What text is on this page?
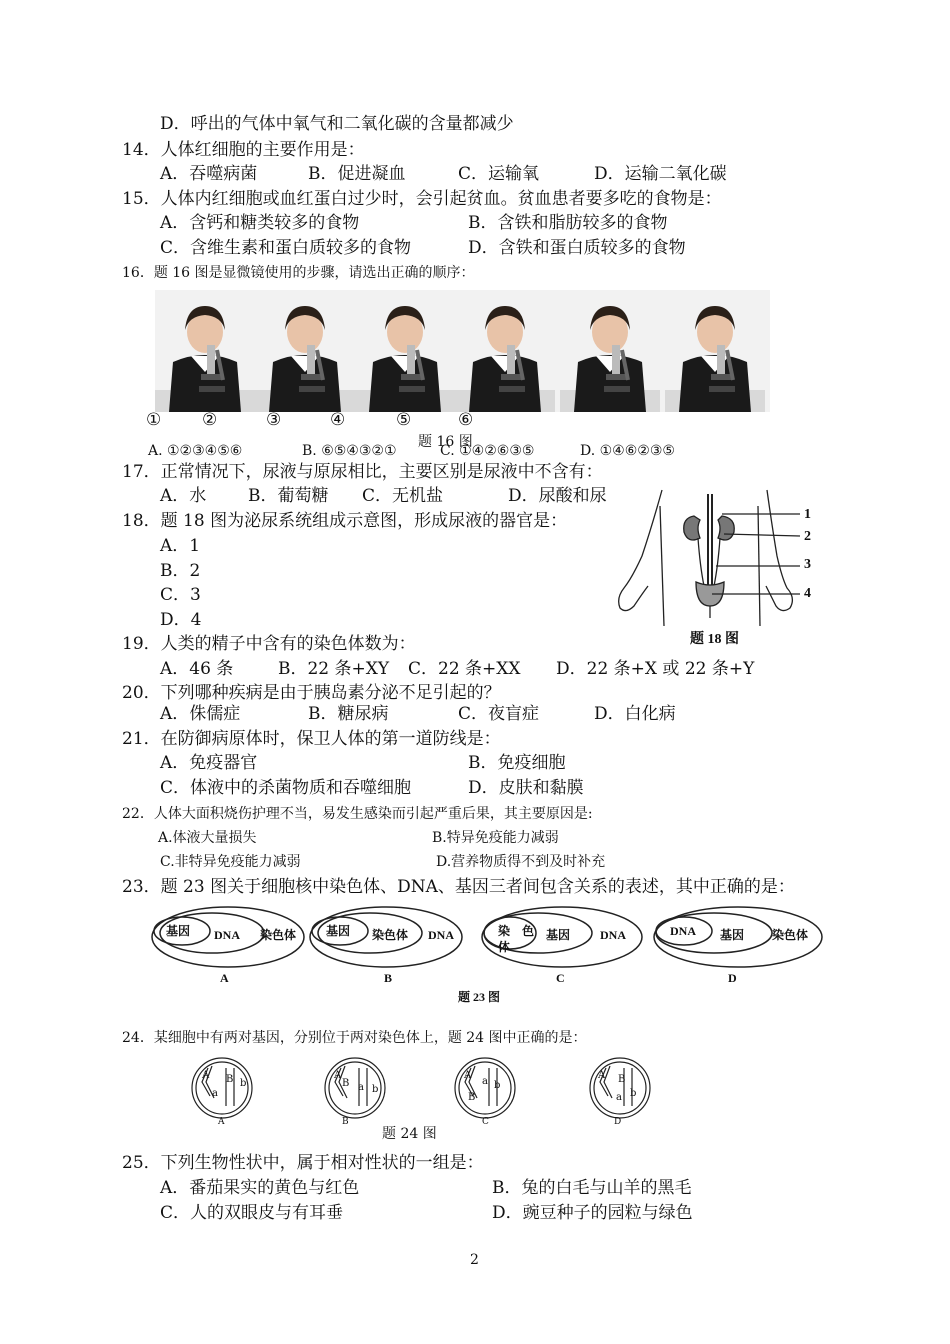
D．呼出的气体中氧气和二氧化碳的含量都减少
14．人体红细胞的主要作用是：
A．吞噬病菌	B．促进凝血	C．运输氧	D．运输二氧化碳
15．人体内红细胞或血红蛋白过少时，会引起贫血。贫血患者要多吃的食物是：
A．含钙和糖类较多的食物	B．含铁和脂肪较多的食物
C．含维生素和蛋白质较多的食物	D．含铁和蛋白质较多的食物
16．题 16 图是显微镜使用的步骤，请选出正确的顺序：
① ②	③	④	⑤	⑥
题 16 图
A. ①②③④⑤⑥	B. ⑥⑤④③②①	C. ①④②⑥③⑤	D. ①④⑥②③⑤
17．正常情况下，尿液与原尿相比，主要区别是尿液中不含有：
A．水 B．葡萄糖 C．无机盐	D．尿酸和尿
18．题 18 图为泌尿系统组成示意图，形成尿液的器官是：
A．1
B．2
C．3
D．4
1
2
3
4
题 18 图
19．人类的精子中含有的染色体数为：
A．46 条	B．22 条+XY C．22 条+XX D．22 条+X 或 22 条+Y
20．下列哪种疾病是由于胰岛素分泌不足引起的？
A．侏儒症	B．糖尿病	C．夜盲症	D．白化病
21．在防御病原体时，保卫人体的第一道防线是：
A．免疫器官	B．免疫细胞
C．体液中的杀菌物质和吞噬细胞	D．皮肤和黏膜
22．人体大面积烧伤护理不当，易发生感染而引起严重后果，其主要原因是:
A.体液大量损失	B.特异免疫能力减弱
C.非特异免疫能力减弱	D.营养物质得不到及时补充
23．题 23 图关于细胞核中染色体、DNA、基因三者间包含关系的表述，其中正确的是：
基因 DNA 染色体
A
基因 染色体 DNA
B
染 色
体
基因 DNA
C
DNA 基因 染色体
D
题 23 图
24．某细胞中有两对基因，分别位于两对染色体上，题 24 图中正确的是：
A
a
B b
A
A
B a b
B
A
a
B
b
C
A B
a b
D
题 24 图
25．下列生物性状中，属于相对性状的一组是：
A．番茄果实的黄色与红色	B．兔的白毛与山羊的黑毛
C．人的双眼皮与有耳垂	D．豌豆种子的园粒与绿色
2
